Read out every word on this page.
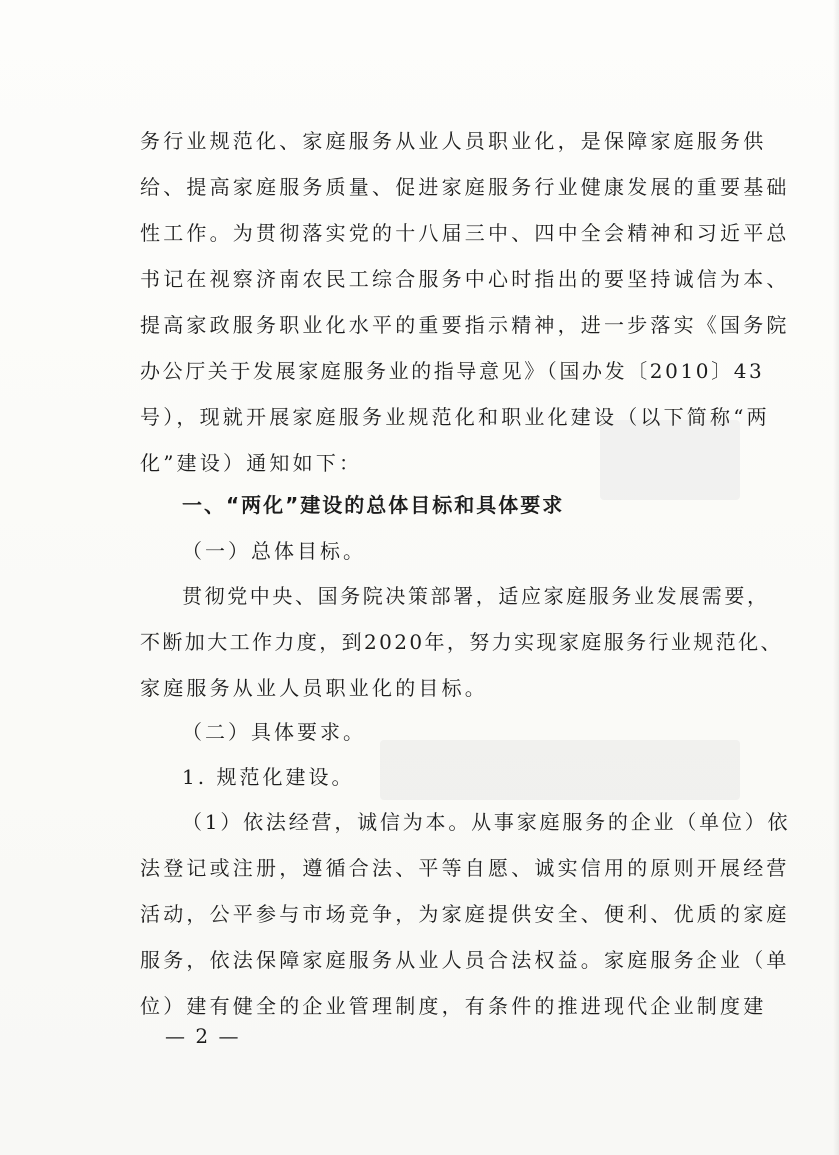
务行业规范化、家庭服务从业人员职业化，是保障家庭服务供
给、提高家庭服务质量、促进家庭服务行业健康发展的重要基础
性工作。为贯彻落实党的十八届三中、四中全会精神和习近平总
书记在视察济南农民工综合服务中心时指出的要坚持诚信为本、
提高家政服务职业化水平的重要指示精神，进一步落实《国务院
办公厅关于发展家庭服务业的指导意见》（国办发〔2010〕43
号），现就开展家庭服务业规范化和职业化建设（以下简称“两
化”建设）通知如下：
一、“两化”建设的总体目标和具体要求
（一）总体目标。
贯彻党中央、国务院决策部署，适应家庭服务业发展需要，
不断加大工作力度，到2020年，努力实现家庭服务行业规范化、
家庭服务从业人员职业化的目标。
（二）具体要求。
1. 规范化建设。
（1）依法经营，诚信为本。从事家庭服务的企业（单位）依
法登记或注册，遵循合法、平等自愿、诚实信用的原则开展经营
活动，公平参与市场竞争，为家庭提供安全、便利、优质的家庭
服务，依法保障家庭服务从业人员合法权益。家庭服务企业（单
位）建有健全的企业管理制度，有条件的推进现代企业制度建
— 2 —
